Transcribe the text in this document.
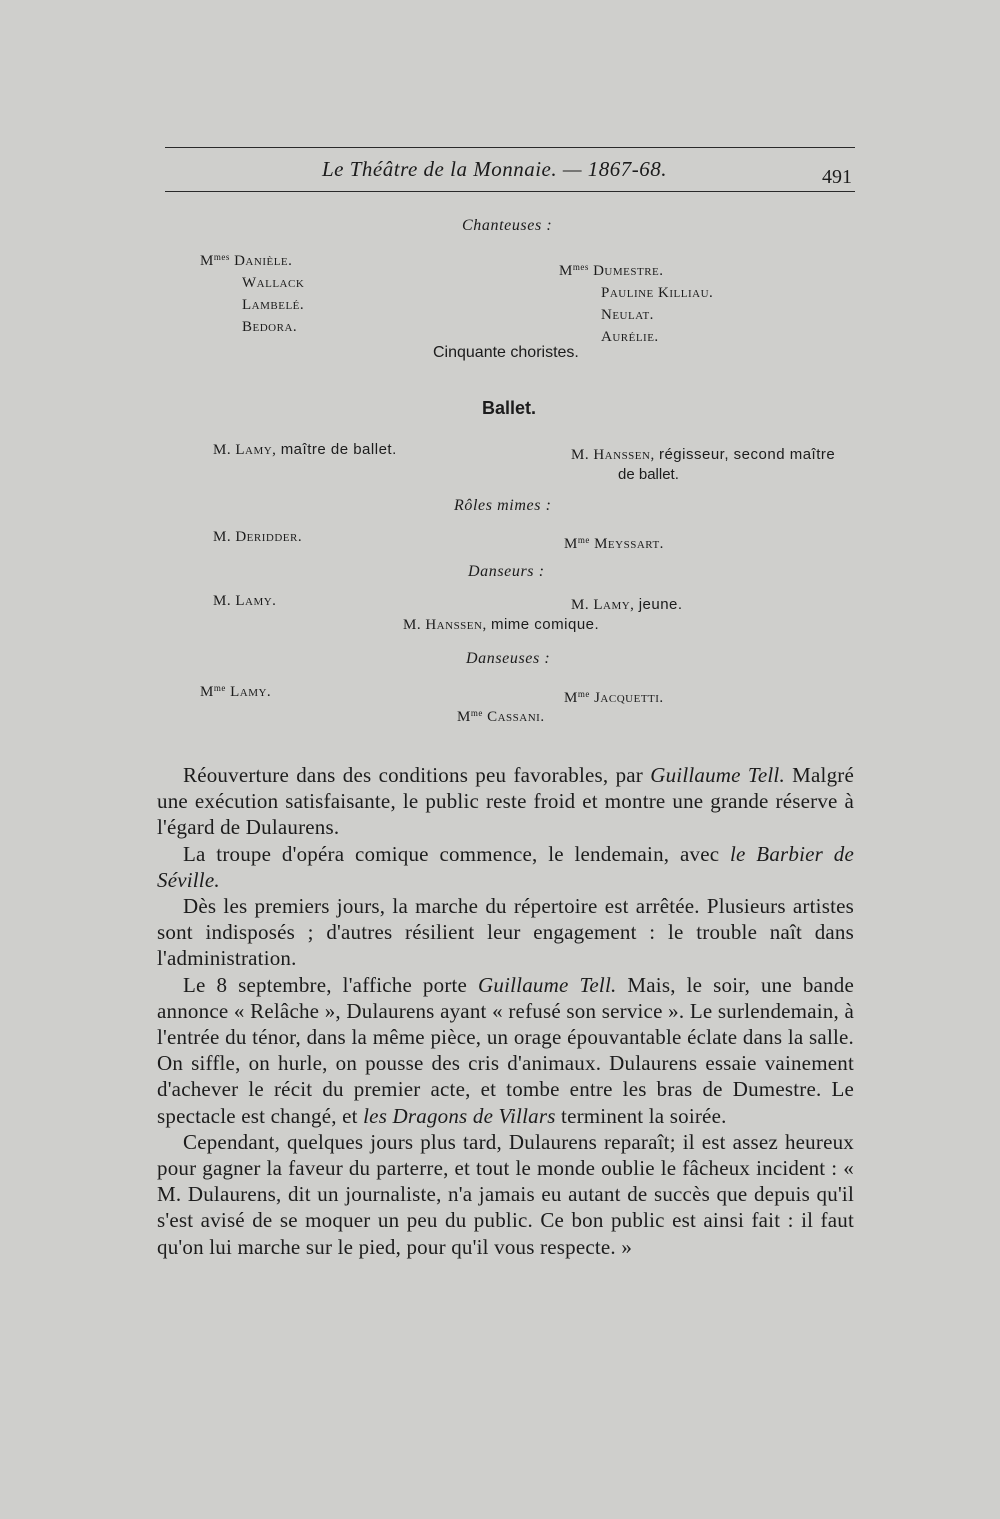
Le Théâtre de la Monnaie. — 1867-68.	491
Chanteuses :
$M^{mes}$ Danièle.
Wallack
Lambelé.
Bedora.
$M^{mes}$ Dumestre.
Pauline Killiau.
Neulat.
Aurélie.
Cinquante choristes.
Ballet.
M. Lamy, maître de ballet.	M. Hanssen, régisseur, second maître
de ballet.
Rôles mimes :
M. Deridder.	$M^{me}$ Meyssart.
Danseurs :
M. Lamy.	M. Lamy, jeune.
M. Hanssen, mime comique.
Danseuses :
$M^{me}$ Lamy.	$M^{me}$ Jacquetti.
$M^{me}$ Cassani.

Réouverture dans des conditions peu favorables, par Guillaume Tell. Malgré une exécution satisfaisante, le public reste froid et montre une grande réserve à l'égard de Dulaurens.

La troupe d'opéra comique commence, le lendemain, avec le Barbier de Séville.

Dès les premiers jours, la marche du répertoire est arrêtée. Plusieurs artistes sont indisposés ; d'autres résilient leur engagement : le trouble naît dans l'administration.

Le 8 septembre, l'affiche porte Guillaume Tell. Mais, le soir, une bande annonce « Relâche », Dulaurens ayant « refusé son service ». Le surlendemain, à l'entrée du ténor, dans la même pièce, un orage épouvantable éclate dans la salle. On siffle, on hurle, on pousse des cris d'animaux. Dulaurens essaie vainement d'achever le récit du premier acte, et tombe entre les bras de Dumestre. Le spectacle est changé, et les Dragons de Villars terminent la soirée.

Cependant, quelques jours plus tard, Dulaurens reparaît; il est assez heureux pour gagner la faveur du parterre, et tout le monde oublie le fâcheux incident : « M. Dulaurens, dit un journaliste, n'a jamais eu autant de succès que depuis qu'il s'est avisé de se moquer un peu du public. Ce bon public est ainsi fait : il faut qu'on lui marche sur le pied, pour qu'il vous respecte. »
